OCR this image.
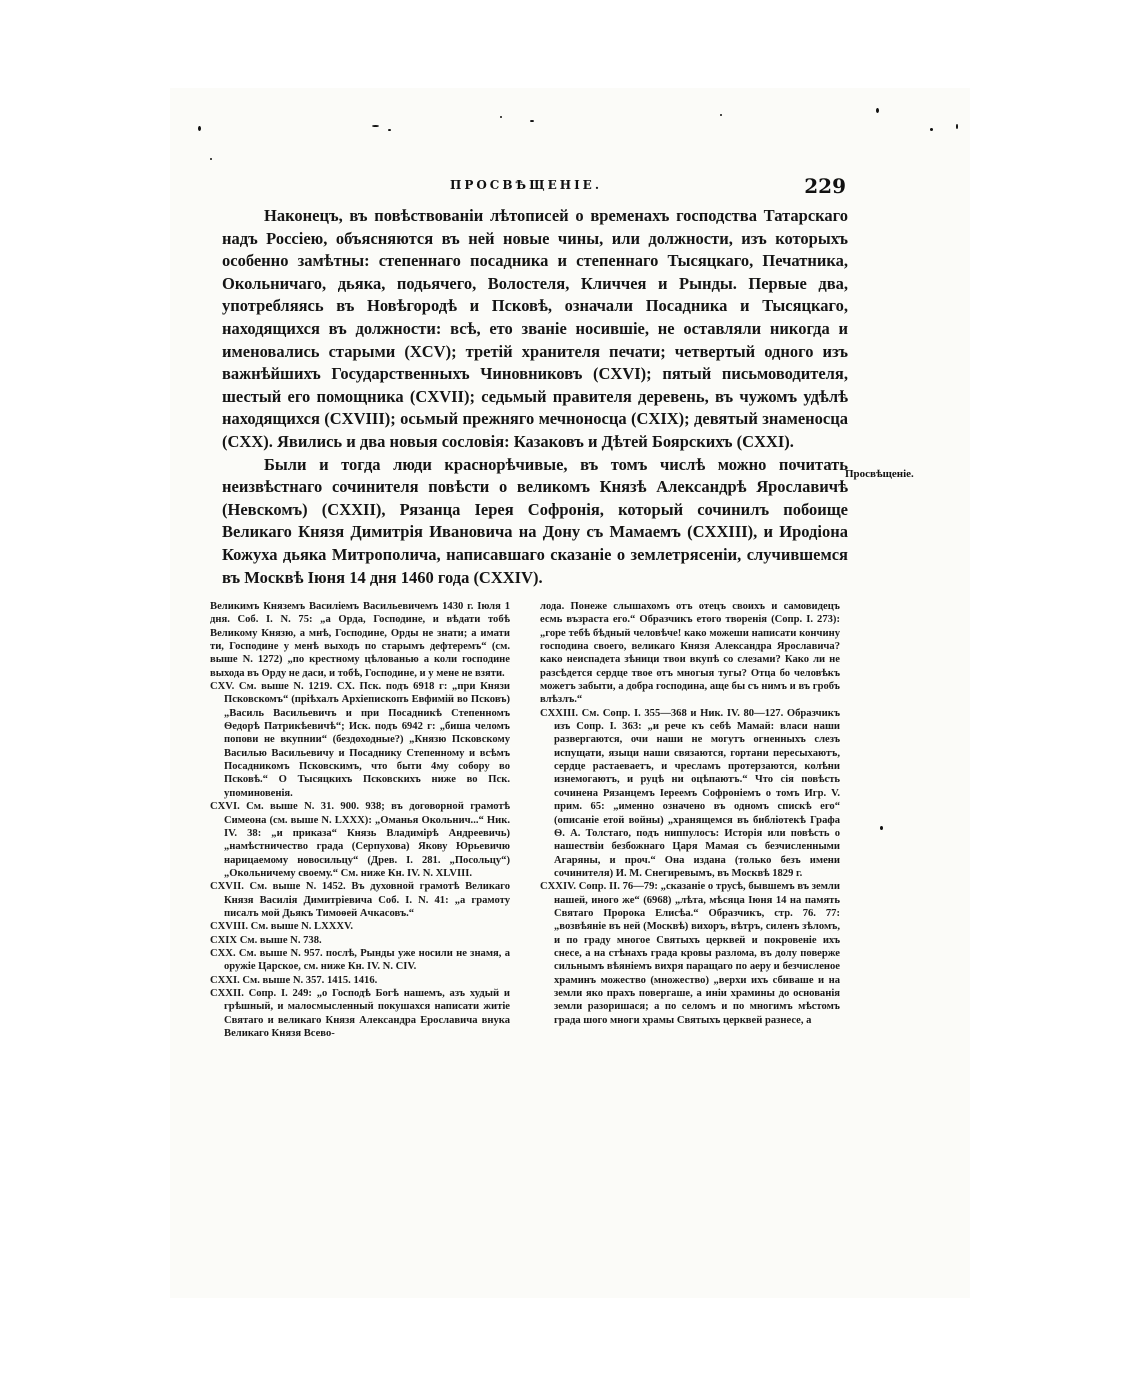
ПРОСВѢЩЕНІЕ.	229

Наконецъ, въ повѣствованіи лѣтописей о временахъ господства Татарскаго надъ Россіею, объясняются въ ней новые чины, или должности, изъ которыхъ особенно замѣтны: степеннаго посадника и степеннаго Тысяцкаго, Печатника, Окольничаго, дьяка, подьячего, Волостеля, Кличчея и Рынды. Первые два, употребляясь въ Новѣгородѣ и Псковѣ, означали Посадника и Тысяцкаго, находящихся въ должности: всѣ, ето званіе носившіе, не оставляли никогда и именовались старыми (XCV); третій хранителя печати; четвертый одного изъ важнѣйшихъ Государственныхъ Чиновниковъ (CXVI); пятый письмоводителя, шестый его помощника (CXVII); седьмый правителя деревень, въ чужомъ удѣлѣ находящихся (CXVIII); осьмый прежняго мечноносца (CXIX); девятый знаменосца (CXX). Явились и два новыя сословія: Казаковъ и Дѣтей Боярскихъ (CXXI).

Были и тогда люди краснорѣчивые, въ томъ числѣ можно почитать неизвѣстнаго сочинителя повѣсти о великомъ Князѣ Александрѣ Ярославичѣ (Невскомъ) (CXXII), Рязанца Іерея Софронія, который сочинилъ побоище Великаго Князя Димитрія Ивановича на Дону съ Мамаемъ (CXXIII), и Иродіона Кожуха дьяка Митрополича, написавшаго сказаніе о землетрясеніи, случившемся въ Москвѣ Іюня 14 дня 1460 года (CXXIV).

Просвѣщеніе.

Великимъ Княземъ Василіемъ Васильевичемъ 1430 г. Іюля 1 дня. Соб. I. N. 75: „а Орда, Господине, и вѣдати тобѣ Великому Князю, а мнѣ, Господине, Орды не знати; а имати ти, Господине у менѣ выходъ по старымъ дефтеремъ“ (см. выше N. 1272) „по крестному цѣлованью а коли господине выхода въ Орду не даси, и тобѣ, Господине, и у мене не взяти.

CXV. См. выше N. 1219. CX. Пск. подъ 6918 г: „при Князи Псковскомъ“ (пріѣхалъ Архіепископъ Евфимій во Псковъ) „Василь Васильевичъ и при Посадникѣ Степенномъ Ѳедорѣ Патрикѣевичѣ“; Иск. подъ 6942 г: „биша челомъ попови не вкупнии“ (бездоходные?) „Князю Псковскому Василью Васильевичу и Посаднику Степенному и всѣмъ Посадникомъ Псковскимъ, что быти 4му собору во Псковѣ.“ О Тысяцкихъ Псковскихъ ниже во Пск. упоминовенія.

CXVI. См. выше N. 31. 900. 938; въ договорной грамотѣ Симеона (см. выше N. LXXX): „Оманья Окольнич...“ Ник. IV. 38: „и приказа“ Князь Владимірѣ Андреевичь) „намѣстничество града (Серпухова) Якову Юрьевичю нарицаемому новосильцу“ (Древ. I. 281. „Посольцу“) „Окольничему своему.“ См. ниже Кн. IV. N. XLVIII.

CXVII. См. выше N. 1452. Въ духовной грамотѣ Великаго Князя Василія Димитріевича Соб. I. N. 41: „а грамоту писалъ мой Дьякъ Тимоѳей Ачкасовъ.“

CXVIII. См. выше N. LXXXV.

CXIX См. выше N. 738.

CXX. См. выше N. 957. послѣ, Рынды уже носили не знамя, а оружіе Царское, см. ниже Кн. IV. N. CIV.

CXXI. См. выше N. 357. 1415. 1416.

CXXII. Сопр. I. 249: „о Господѣ Богѣ нашемъ, азъ худый и грѣшный, и малосмысленный покушахся написати житіе Святаго и великаго Князя Александра Ерославича внука Великаго Князя Всево-

лода. Понеже слышахомъ отъ отецъ своихъ и самовидецъ есмь възраста его.“ Образчикъ етого творенія (Сопр. I. 273): „горе тебѣ бѣдный человѣче! како можеши написати кончину господина своего, великаго Князя Александра Ярославича? како неиспадета зѣници твои вкупѣ со слезами? Како ли не разсѣдется сердце твое отъ многыя тугы? Отца бо человѣкъ можетъ забыти, а добра господина, аще бы съ нимъ и въ гробъ влѣзлъ.“

CXXIII. См. Сопр. I. 355—368 и Ник. IV. 80—127. Образчикъ изъ Сопр. I. 363: „и рече къ себѣ Мамай: власи наши развергаются, очи наши не могутъ огненныхъ слезъ испущати, языци наши связаются, гортани пересыхаютъ, сердце растаеваетъ, и чресламъ протерзаются, колѣни изнемогаютъ, и руцѣ ни оцѣпаютъ.“ Что сія повѣсть сочинена Рязанцемъ Іереемъ Софроніемъ о томъ Игр. V. прим. 65: „именно означено въ одномъ спискѣ его“ (описаніе етой войны) „хранящемся въ библіотекѣ Графа Ѳ. А. Толстаго, подъ ниппулосъ: Исторія или повѣсть о нашествіи безбожнаго Царя Мамая съ безчисленными Агаряны, и проч.“ Она издана (только безъ имени сочинителя) И. М. Снегиревымъ, въ Москвѣ 1829 г.

CXXIV. Сопр. II. 76—79: „сказаніе о трусѣ, бывшемъ въ земли нашей, иного же“ (6968) „лѣта, мѣсяца Іюня 14 на память Святаго Пророка Елисѣа.“ Образчикъ, стр. 76. 77: „возвѣяніе въ ней (Москвѣ) вихоръ, вѣтръ, силенъ зѣломъ, и по граду многое Святыхъ церквей и покровеніе ихъ снесе, а на стѣнахъ града кровы разлома, въ долу поверже сильнымъ вѣяніемъ вихря паращаго по аеру и безчисленое храминъ можество (множество) „верхи ихъ сбиваше и на земли яко прахъ повергаше, а иніи храмины до основанія земли разоришася; а по селомъ и по многимъ мѣстомъ града шого многи храмы Святыхъ церквей разнесе, а
